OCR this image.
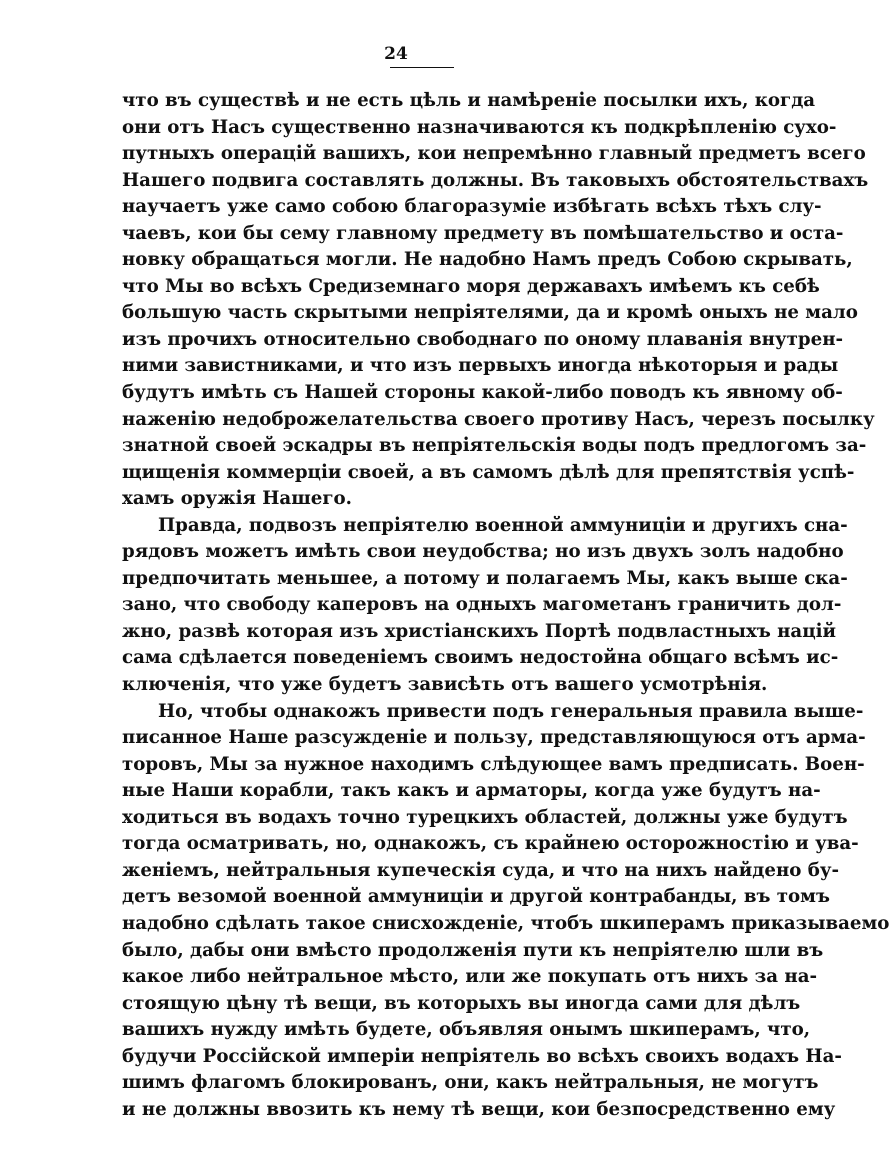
24
что въ существѣ и не есть цѣль и намѣреніе посылки ихъ, когда
они отъ Насъ существенно назначиваются къ подкрѣпленію сухо-
путныхъ операцій вашихъ, кои непремѣнно главный предметъ всего
Нашего подвига составлять должны. Въ таковыхъ обстоятельствахъ
научаетъ уже само собою благоразуміе избѣгать всѣхъ тѣхъ слу-
чаевъ, кои бы сему главному предмету въ помѣшательство и оста-
новку обращаться могли. Не надобно Намъ предъ Собою скрывать,
что Мы во всѣхъ Средиземнаго моря державахъ имѣемъ къ себѣ
большую часть скрытыми непріятелями, да и кромѣ оныхъ не мало
изъ прочихъ относительно свободнаго по оному плаванія внутрен-
ними завистниками, и что изъ первыхъ иногда нѣкоторыя и рады
будутъ имѣть съ Нашей стороны какой-либо поводъ къ явному об-
наженію недоброжелательства своего противу Насъ, черезъ посылку
знатной своей эскадры въ непріятельскія воды подъ предлогомъ за-
щищенія коммерціи своей, а въ самомъ дѣлѣ для препятствія успѣ-
хамъ оружія Нашего.
Правда, подвозъ непріятелю военной аммуниціи и другихъ сна-
рядовъ можетъ имѣть свои неудобства; но изъ двухъ золъ надобно
предпочитать меньшее, а потому и полагаемъ Мы, какъ выше ска-
зано, что свободу каперовъ на одныхъ магометанъ граничить дол-
жно, развѣ которая изъ христіанскихъ Портѣ подвластныхъ націй
сама сдѣлается поведеніемъ своимъ недостойна общаго всѣмъ ис-
ключенія, что уже будетъ зависѣть отъ вашего усмотрѣнія.
Но, чтобы однакожъ привести подъ генеральныя правила выше-
писанное Наше разсужденіе и пользу, представляющуюся отъ арма-
торовъ, Мы за нужное находимъ слѣдующее вамъ предписать. Воен-
ные Наши корабли, такъ какъ и арматоры, когда уже будутъ на-
ходиться въ водахъ точно турецкихъ областей, должны уже будутъ
тогда осматривать, но, однакожъ, съ крайнею осторожностію и ува-
женіемъ, нейтральныя купеческія суда, и что на нихъ найдено бу-
детъ везомой военной аммуниціи и другой контрабанды, въ томъ
надобно сдѣлать такое снисхожденіе, чтобъ шкиперамъ приказываемо
было, дабы они вмѣсто продолженія пути къ непріятелю шли въ
какое либо нейтральное мѣсто, или же покупать отъ нихъ за на-
стоящую цѣну тѣ вещи, въ которыхъ вы иногда сами для дѣлъ
вашихъ нужду имѣть будете, объявляя онымъ шкиперамъ, что,
будучи Россійской имперіи непріятель во всѣхъ своихъ водахъ На-
шимъ флагомъ блокированъ, они, какъ нейтральныя, не могутъ
и не должны ввозить къ нему тѣ вещи, кои безпосредственно ему
